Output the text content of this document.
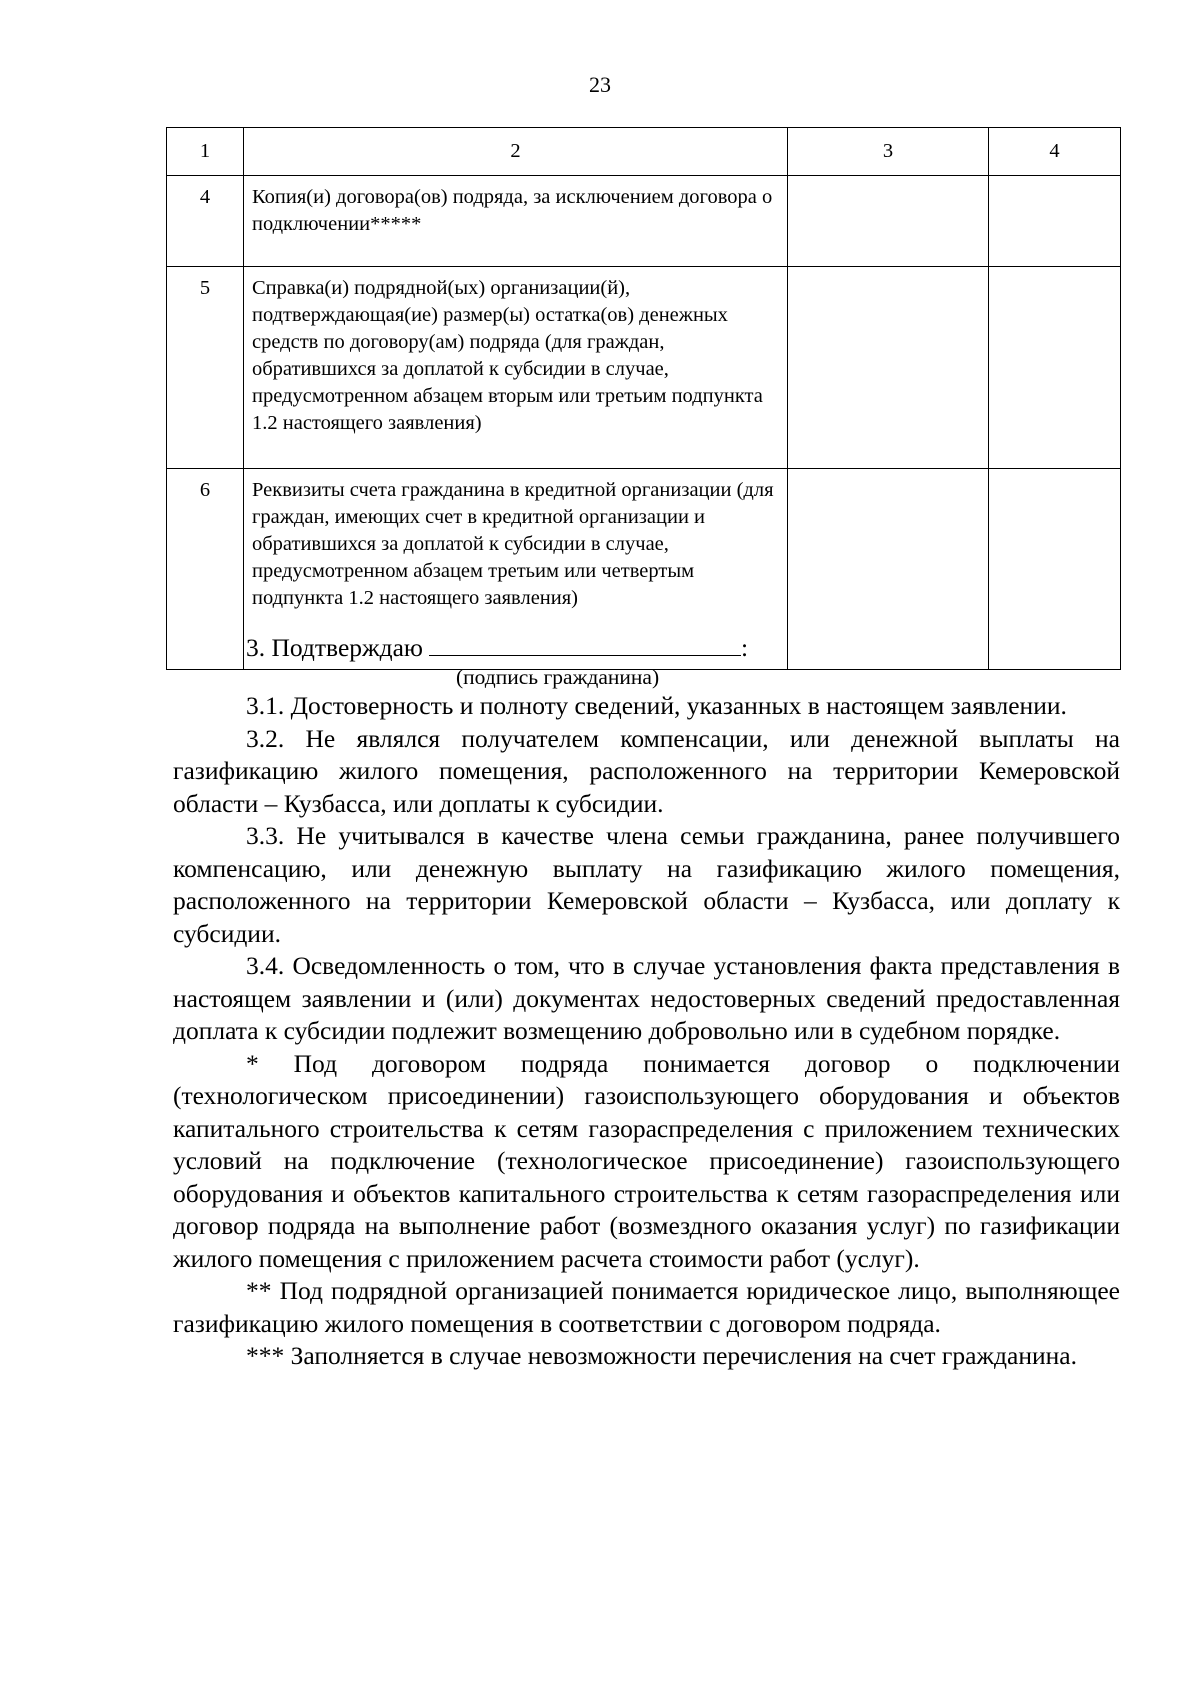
23
1	2	3	4
4	Копия(и) договора(ов) подряда, за исключением договора о подключении*****		
5	Справка(и) подрядной(ых) организации(й), подтверждающая(ие) размер(ы) остатка(ов) денежных средств по договору(ам) подряда (для граждан, обратившихся за доплатой к субсидии в случае, предусмотренном абзацем вторым или третьим подпункта 1.2 настоящего заявления)		
6	Реквизиты счета гражданина в кредитной организации (для граждан, имеющих счет в кредитной организации и обратившихся за доплатой к субсидии в случае, предусмотренном абзацем третьим или четвертым подпункта 1.2 настоящего заявления)		
3. Подтверждаю	:
(подпись гражданина)

3.1. Достоверность и полноту сведений, указанных в настоящем заявлении.

3.2. Не являлся получателем компенсации, или денежной выплаты на газификацию жилого помещения, расположенного на территории Кемеровской области – Кузбасса, или доплаты к субсидии.

3.3. Не учитывался в качестве члена семьи гражданина, ранее получившего компенсацию, или денежную выплату на газификацию жилого помещения, расположенного на территории Кемеровской области – Кузбасса, или доплату к субсидии.

3.4. Осведомленность о том, что в случае установления факта представления в настоящем заявлении и (или) документах недостоверных сведений предоставленная доплата к субсидии подлежит возмещению добровольно или в судебном порядке.

* Под договором подряда понимается договор о подключении (технологическом присоединении) газоиспользующего оборудования и объектов капитального строительства к сетям газораспределения с приложением технических условий на подключение (технологическое присоединение) газоиспользующего оборудования и объектов капитального строительства к сетям газораспределения или договор подряда на выполнение работ (возмездного оказания услуг) по газификации жилого помещения с приложением расчета стоимости работ (услуг).

** Под подрядной организацией понимается юридическое лицо, выполняющее газификацию жилого помещения в соответствии с договором подряда.

*** Заполняется в случае невозможности перечисления на счет гражданина.
